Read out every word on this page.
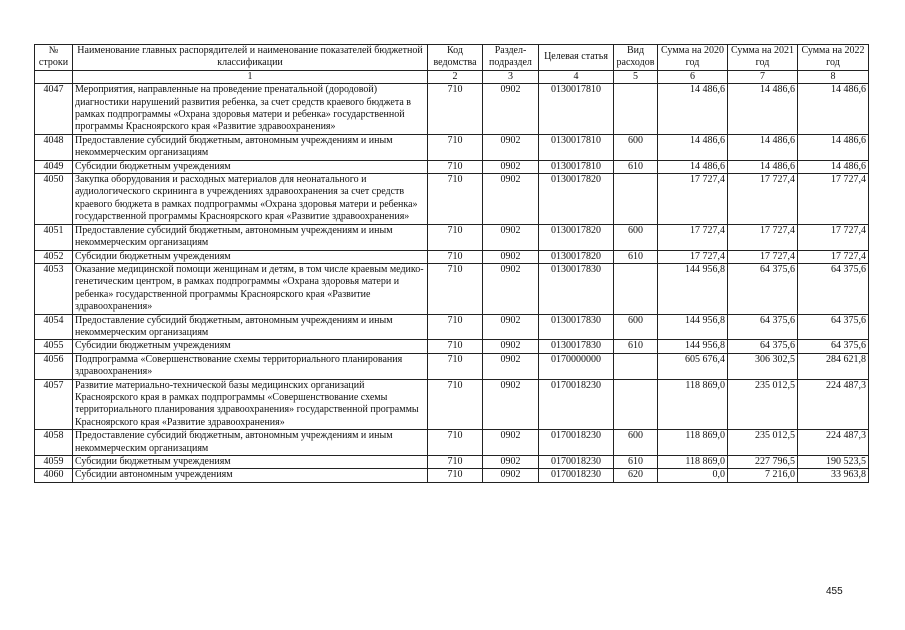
№ строки	Наименование главных распорядителей и наименование показателей бюджетной классификации	Код ведомства	Раздел- подраздел	Целевая статья	Вид расходов	Сумма на 2020 год	Сумма на 2021 год	Сумма на 2022 год
	1	2	3	4	5	6	7	8
4047	Мероприятия, направленные на проведение пренатальной (дородовой) диагностики нарушений развития ребенка, за счет средств краевого бюджета в рамках подпрограммы «Охрана здоровья матери и ребенка» государственной программы Красноярского края «Развитие здравоохранения»	710	0902	0130017810		14 486,6	14 486,6	14 486,6
4048	Предоставление субсидий бюджетным, автономным учреждениям и иным некоммерческим организациям	710	0902	0130017810	600	14 486,6	14 486,6	14 486,6
4049	Субсидии бюджетным учреждениям	710	0902	0130017810	610	14 486,6	14 486,6	14 486,6
4050	Закупка оборудования и расходных материалов для неонатального и аудиологического скрининга в учреждениях здравоохранения за счет средств краевого бюджета в рамках подпрограммы «Охрана здоровья матери и ребенка» государственной программы Красноярского края «Развитие здравоохранения»	710	0902	0130017820		17 727,4	17 727,4	17 727,4
4051	Предоставление субсидий бюджетным, автономным учреждениям и иным некоммерческим организациям	710	0902	0130017820	600	17 727,4	17 727,4	17 727,4
4052	Субсидии бюджетным учреждениям	710	0902	0130017820	610	17 727,4	17 727,4	17 727,4
4053	Оказание медицинской помощи женщинам и детям, в том числе краевым медико-генетическим центром, в рамках подпрограммы «Охрана здоровья матери и ребенка» государственной программы Красноярского края «Развитие здравоохранения»	710	0902	0130017830		144 956,8	64 375,6	64 375,6
4054	Предоставление субсидий бюджетным, автономным учреждениям и иным некоммерческим организациям	710	0902	0130017830	600	144 956,8	64 375,6	64 375,6
4055	Субсидии бюджетным учреждениям	710	0902	0130017830	610	144 956,8	64 375,6	64 375,6
4056	Подпрограмма «Совершенствование схемы территориального планирования здравоохранения»	710	0902	0170000000		605 676,4	306 302,5	284 621,8
4057	Развитие материально-технической базы медицинских организаций Красноярского края в рамках подпрограммы «Совершенствование схемы территориального планирования здравоохранения» государственной программы Красноярского края «Развитие здравоохранения»	710	0902	0170018230		118 869,0	235 012,5	224 487,3
4058	Предоставление субсидий бюджетным, автономным учреждениям и иным некоммерческим организациям	710	0902	0170018230	600	118 869,0	235 012,5	224 487,3
4059	Субсидии бюджетным учреждениям	710	0902	0170018230	610	118 869,0	227 796,5	190 523,5
4060	Субсидии автономным учреждениям	710	0902	0170018230	620	0,0	7 216,0	33 963,8
455
